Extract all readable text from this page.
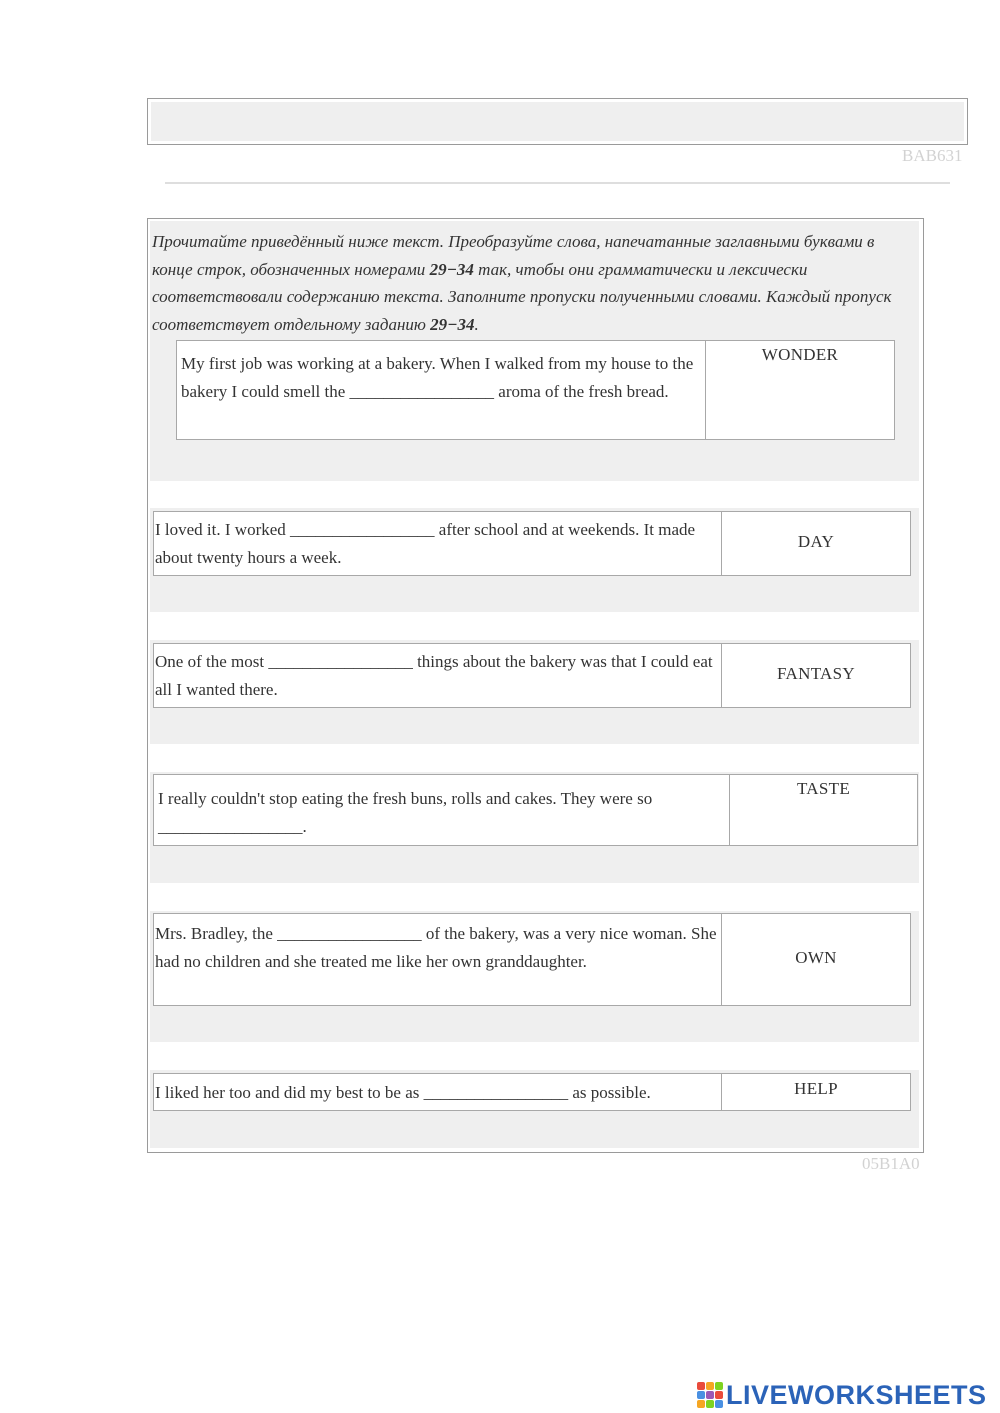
BAB631
Прочитайте приведённый ниже текст. Преобразуйте слова, напечатанные заглавными буквами в конце строк, обозначенных номерами 29−34 так, чтобы они грамматически и лексически соответствовали содержанию текста. Заполните пропуски полученными словами. Каждый пропуск соответствует отдельному заданию 29−34.
My first job was working at a bakery. When I walked from my house to the bakery I could smell the _________________ aroma of the fresh bread.
WONDER
I loved it. I worked _________________ after school and at weekends. It made about twenty hours a week.
DAY
One of the most _________________ things about the bakery was that I could eat all I wanted there.
FANTASY
I really couldn't stop eating the fresh buns, rolls and cakes. They were so _________________.
TASTE
Mrs. Bradley, the _________________ of the bakery, was a very nice woman. She had no children and she treated me like her own granddaughter.	OWN
I liked her too and did my best to be as _________________ as possible.	HELP
05B1A0
LIVEWORKSHEETS
